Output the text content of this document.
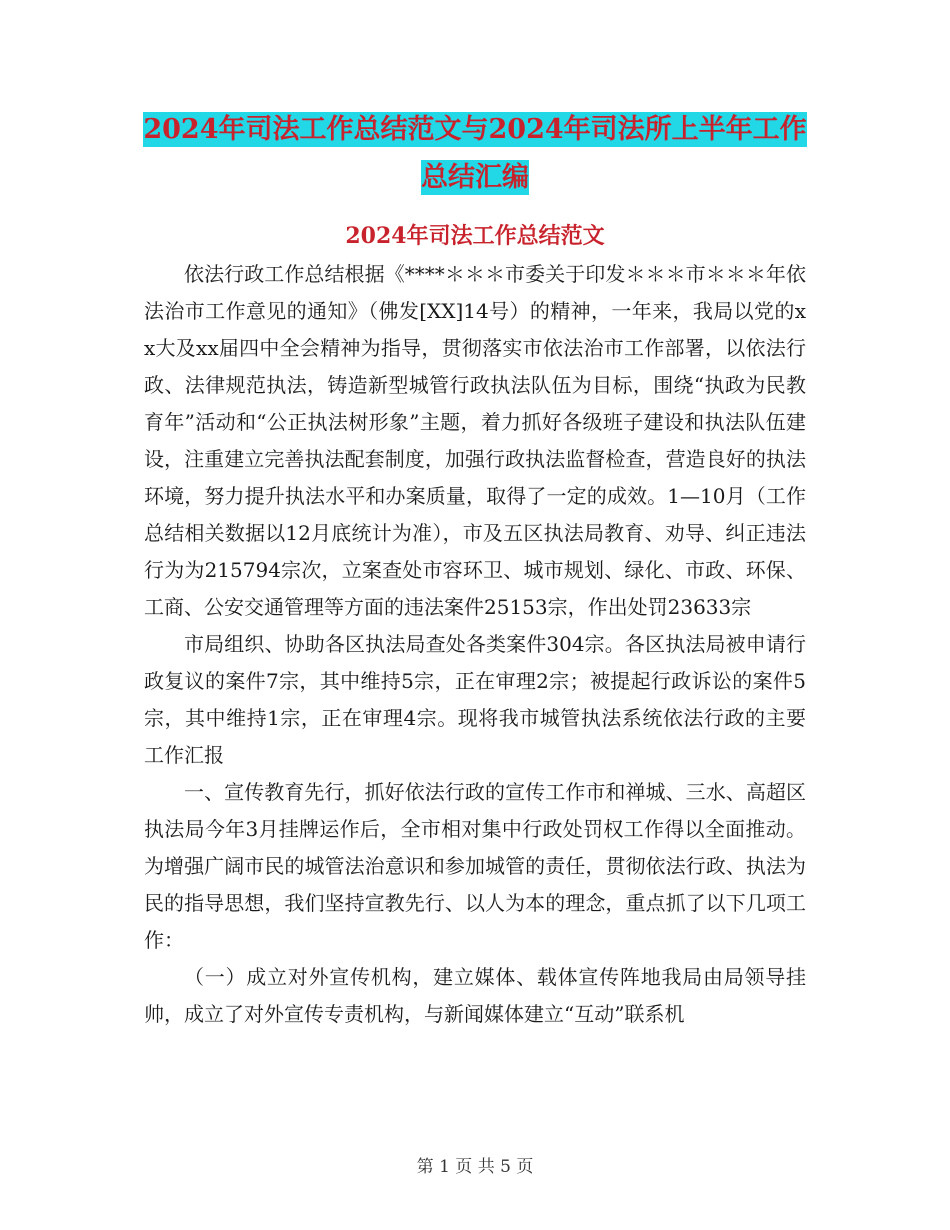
2024年司法工作总结范文与2024年司法所上半年工作
总结汇编
2024年司法工作总结范文

依法行政工作总结根据《****＊＊＊市委关于印发＊＊＊市＊＊＊年依法治市工作意见的通知》（佛发[XX]14号）的精神，一年来，我局以党的xx大及xx届四中全会精神为指导，贯彻落实市依法治市工作部署，以依法行政、法律规范执法，铸造新型城管行政执法队伍为目标，围绕“执政为民教育年”活动和“公正执法树形象”主题，着力抓好各级班子建设和执法队伍建设，注重建立完善执法配套制度，加强行政执法监督检查，营造良好的执法环境，努力提升执法水平和办案质量，取得了一定的成效。1—10月（工作总结相关数据以12月底统计为准），市及五区执法局教育、劝导、纠正违法行为为215794宗次，立案查处市容环卫、城市规划、绿化、市政、环保、工商、公安交通管理等方面的违法案件25153宗，作出处罚23633宗

市局组织、协助各区执法局查处各类案件304宗。各区执法局被申请行政复议的案件7宗，其中维持5宗，正在审理2宗；被提起行政诉讼的案件5宗，其中维持1宗，正在审理4宗。现将我市城管执法系统依法行政的主要工作汇报

一、宣传教育先行，抓好依法行政的宣传工作市和禅城、三水、高超区执法局今年3月挂牌运作后，全市相对集中行政处罚权工作得以全面推动。为增强广阔市民的城管法治意识和参加城管的责任，贯彻依法行政、执法为民的指导思想，我们坚持宣教先行、以人为本的理念，重点抓了以下几项工作：

（一）成立对外宣传机构，建立媒体、载体宣传阵地我局由局领导挂帅，成立了对外宣传专责机构，与新闻媒体建立“互动”联系机

第 1 页 共 5 页
